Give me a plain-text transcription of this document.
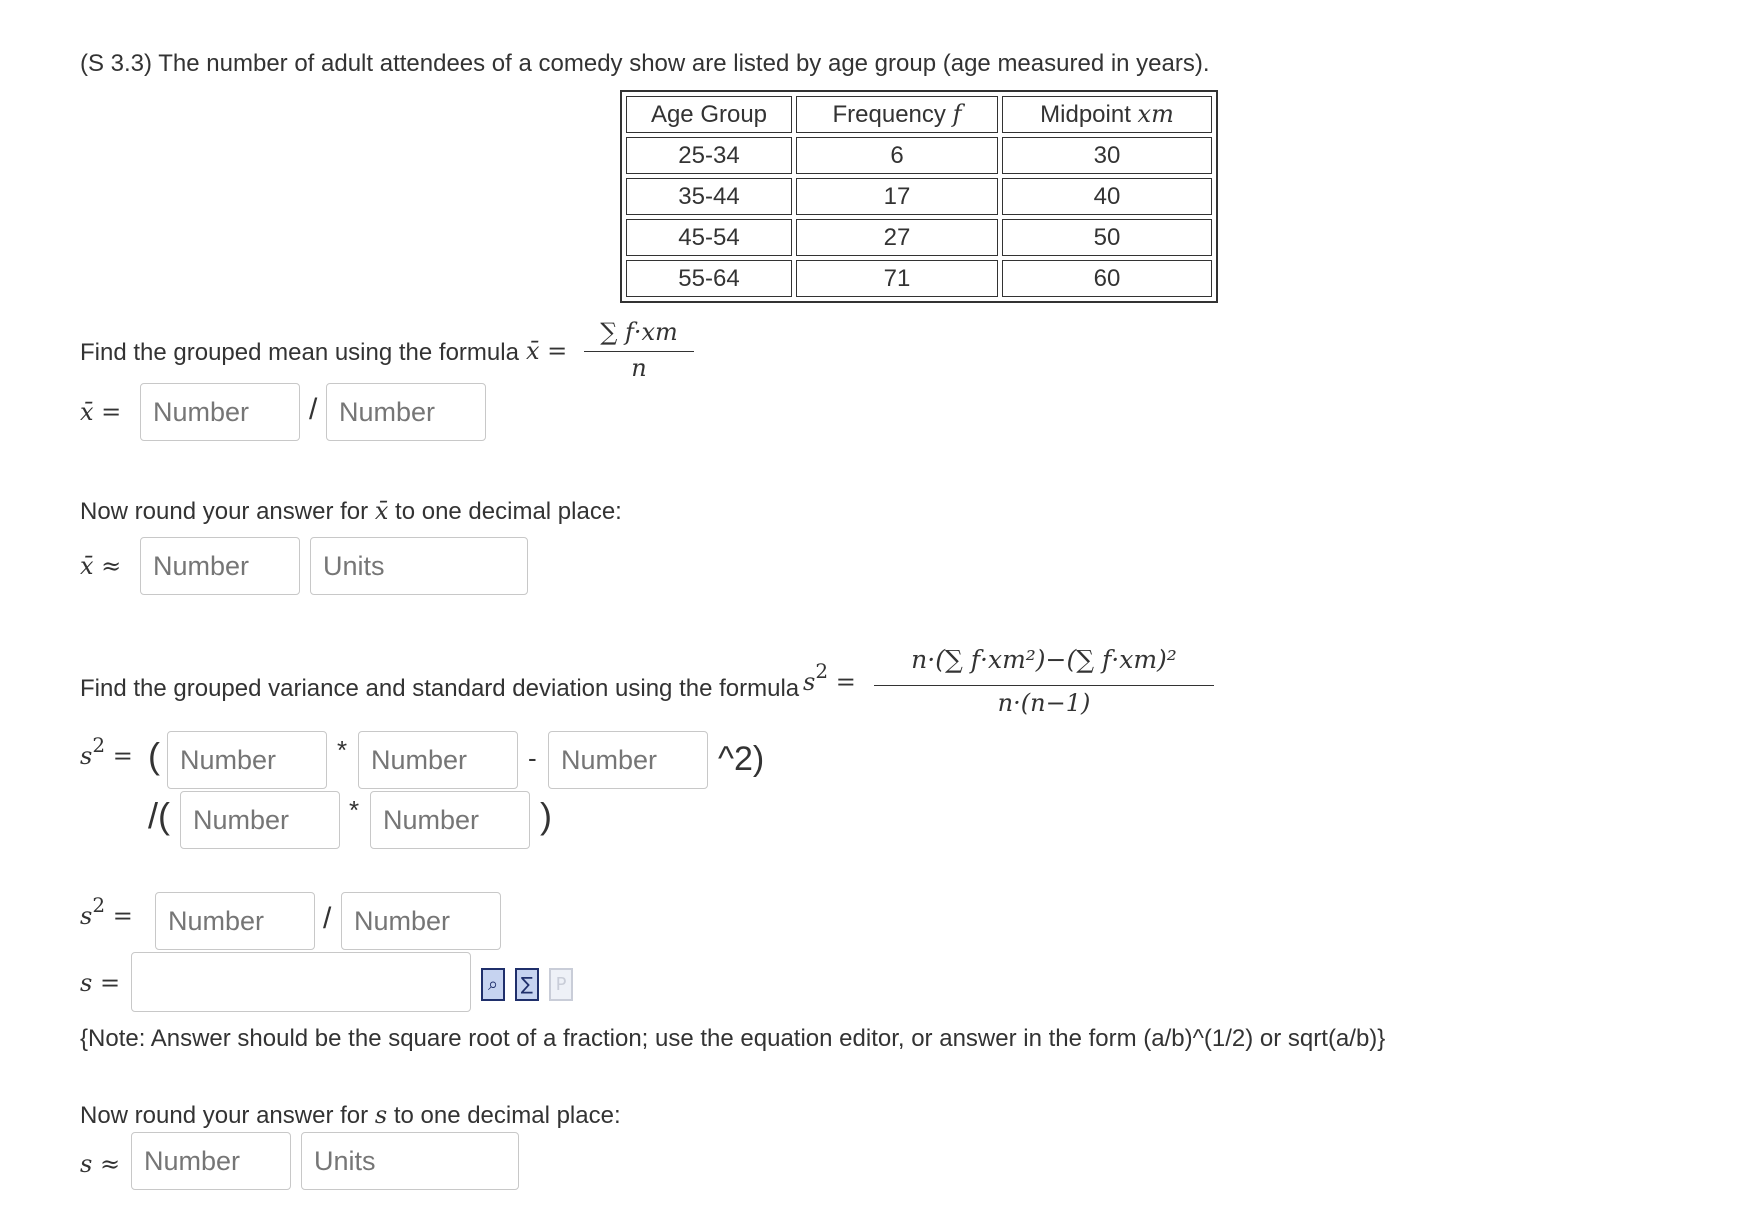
(S 3.3) The number of adult attendees of a comedy show are listed by age group (age measured in years).
Age Group	Frequency f	Midpoint xm
25-34	6	30
35-44	17	40
45-54	27	50
55-64	71	60
Find the grouped mean using the formula x̄ =
∑ f·xm
n
x̄ =
Number	/
Number
Now round your answer for x̄ to one decimal place:
x̄ ≈
Number
Units
Find the grouped variance and standard deviation using the formula $s^2$ =
n·(∑ f·xm²)−(∑ f·xm)²
n·(n−1)
$s^2$ = (
Number	*
Number	-
Number	^2)
/(
Number	*
Number	)
$s^2$ =
Number	/
Number
s =	⌕ ∑ P
{Note: Answer should be the square root of a fraction; use the equation editor, or answer in the form (a/b)^(1/2) or sqrt(a/b)}
Now round your answer for s to one decimal place:
s ≈
Number
Units
